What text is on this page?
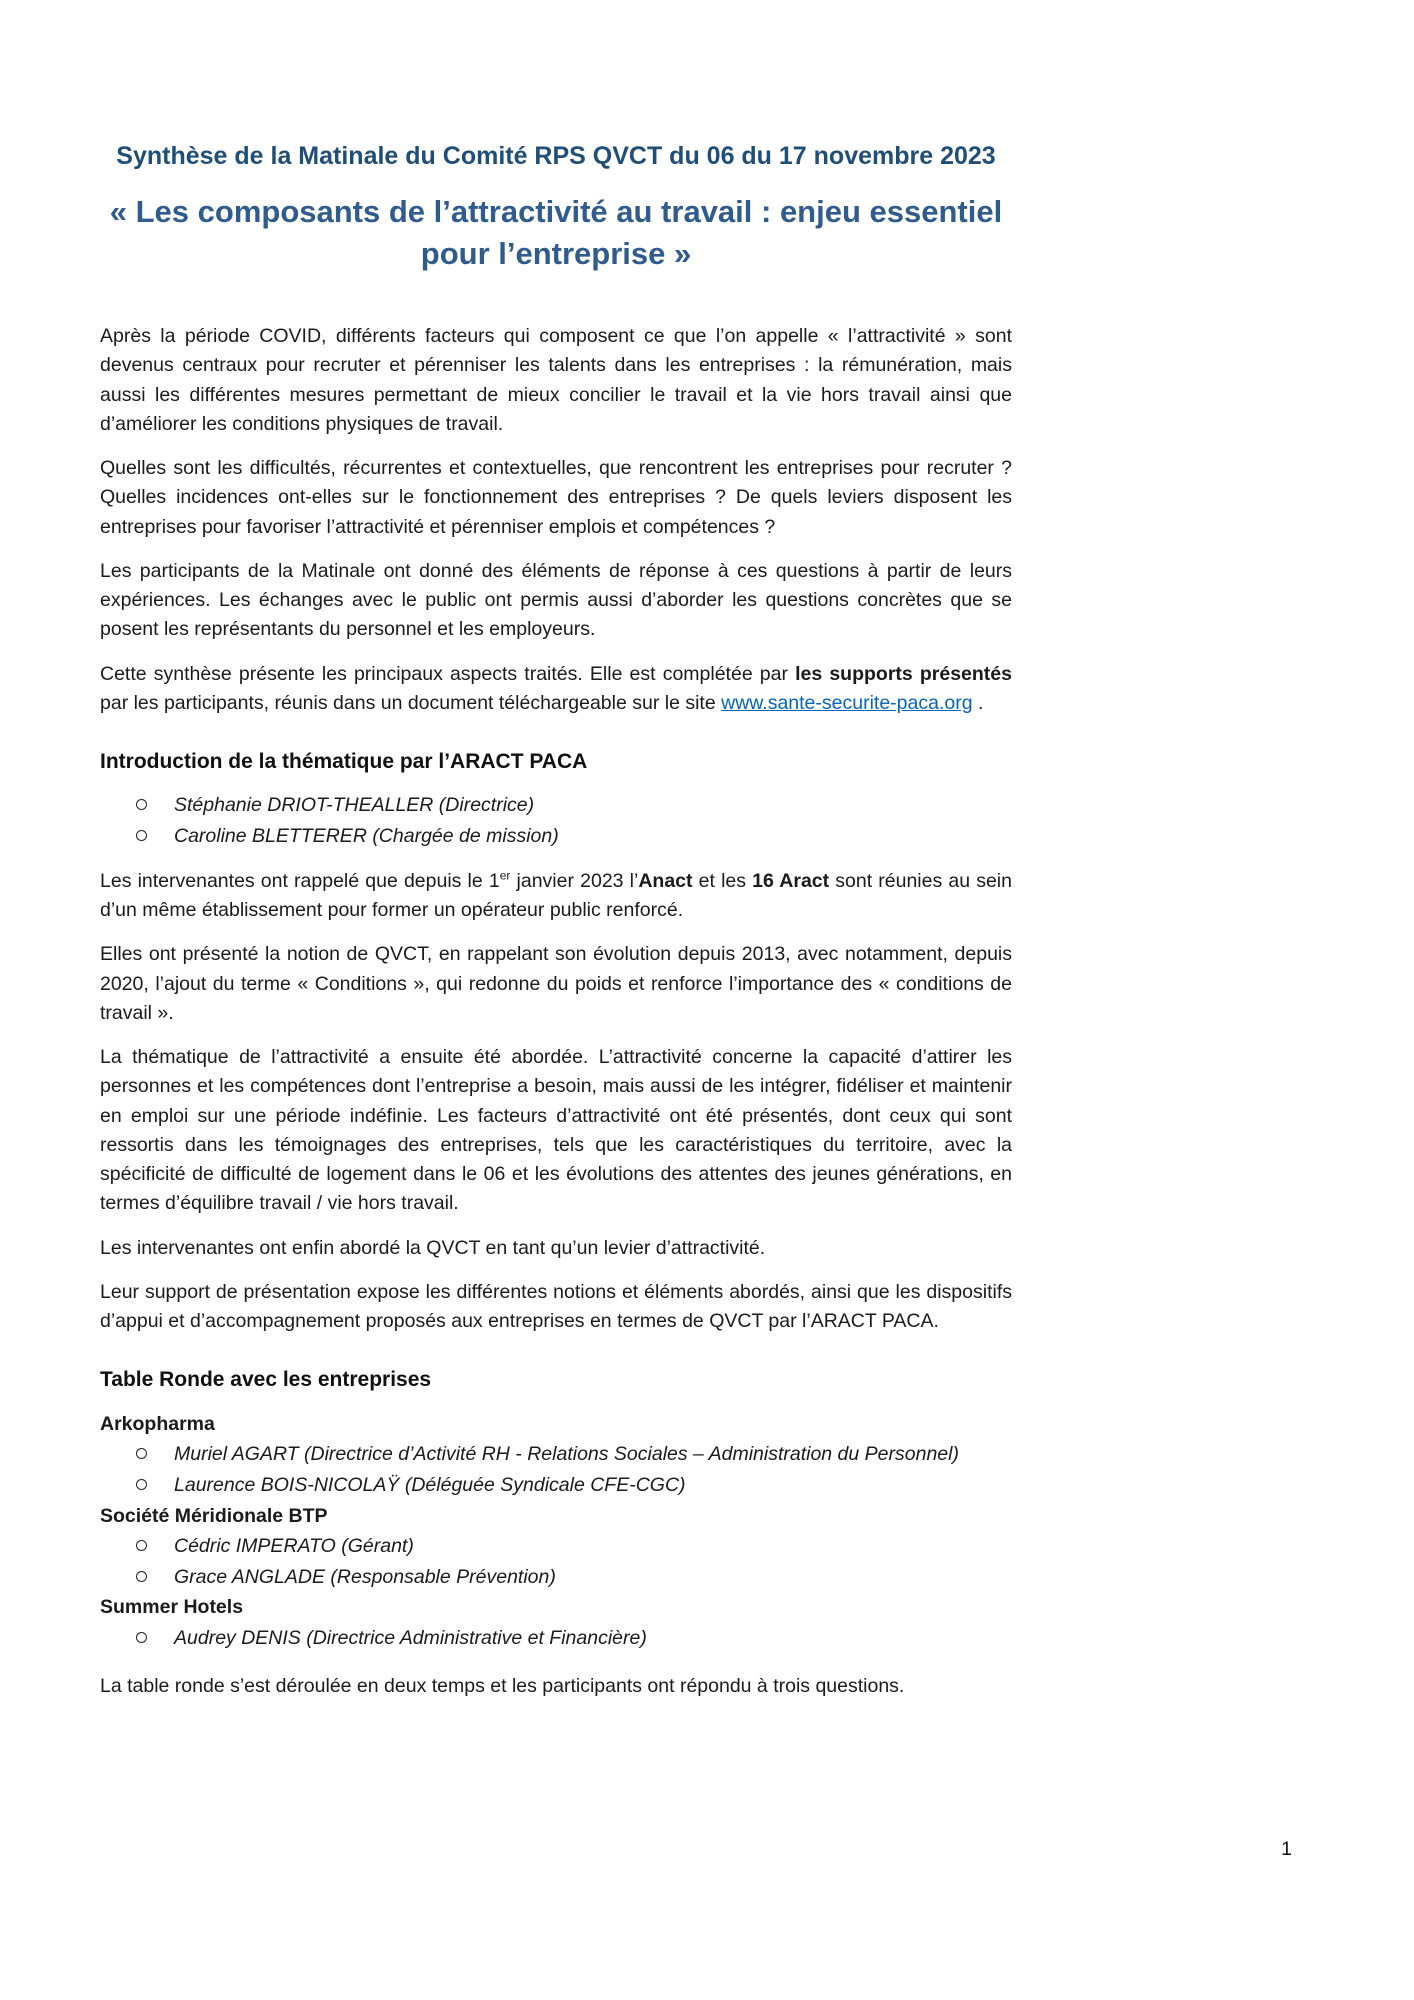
Synthèse de la Matinale du Comité RPS QVCT du 06 du 17 novembre 2023
« Les composants de l’attractivité au travail : enjeu essentiel
pour l’entreprise »

Après la période COVID, différents facteurs qui composent ce que l’on appelle « l’attractivité » sont devenus centraux pour recruter et pérenniser les talents dans les entreprises : la rémunération, mais aussi les différentes mesures permettant de mieux concilier le travail et la vie hors travail ainsi que d’améliorer les conditions physiques de travail.

Quelles sont les difficultés, récurrentes et contextuelles, que rencontrent les entreprises pour recruter ? Quelles incidences ont-elles sur le fonctionnement des entreprises ? De quels leviers disposent les entreprises pour favoriser l’attractivité et pérenniser emplois et compétences ?

Les participants de la Matinale ont donné des éléments de réponse à ces questions à partir de leurs expériences. Les échanges avec le public ont permis aussi d’aborder les questions concrètes que se posent les représentants du personnel et les employeurs.

Cette synthèse présente les principaux aspects traités. Elle est complétée par les supports présentés par les participants, réunis dans un document téléchargeable sur le site www.sante-securite-paca.org .

Introduction de la thématique par l’ARACT PACA
Stéphanie DRIOT-THEALLER (Directrice)
Caroline BLETTERER (Chargée de mission)

Les intervenantes ont rappelé que depuis le 1er janvier 2023 l’Anact et les 16 Aract sont réunies au sein d’un même établissement pour former un opérateur public renforcé.

Elles ont présenté la notion de QVCT, en rappelant son évolution depuis 2013, avec notamment, depuis 2020, l’ajout du terme « Conditions », qui redonne du poids et renforce l’importance des « conditions de travail ».

La thématique de l’attractivité a ensuite été abordée. L’attractivité concerne la capacité d’attirer les personnes et les compétences dont l’entreprise a besoin, mais aussi de les intégrer, fidéliser et maintenir en emploi sur une période indéfinie. Les facteurs d’attractivité ont été présentés, dont ceux qui sont ressortis dans les témoignages des entreprises, tels que les caractéristiques du territoire, avec la spécificité de difficulté de logement dans le 06 et les évolutions des attentes des jeunes générations, en termes d’équilibre travail / vie hors travail.

Les intervenantes ont enfin abordé la QVCT en tant qu’un levier d’attractivité.

Leur support de présentation expose les différentes notions et éléments abordés, ainsi que les dispositifs d’appui et d’accompagnement proposés aux entreprises en termes de QVCT par l’ARACT PACA.

Table Ronde avec les entreprises

Arkopharma

Muriel AGART (Directrice d’Activité RH - Relations Sociales – Administration du Personnel)
Laurence BOIS-NICOLAŸ (Déléguée Syndicale CFE-CGC)

Société Méridionale BTP

Cédric IMPERATO (Gérant)
Grace ANGLADE (Responsable Prévention)

Summer Hotels

Audrey DENIS (Directrice Administrative et Financière)

La table ronde s’est déroulée en deux temps et les participants ont répondu à trois questions.

1
